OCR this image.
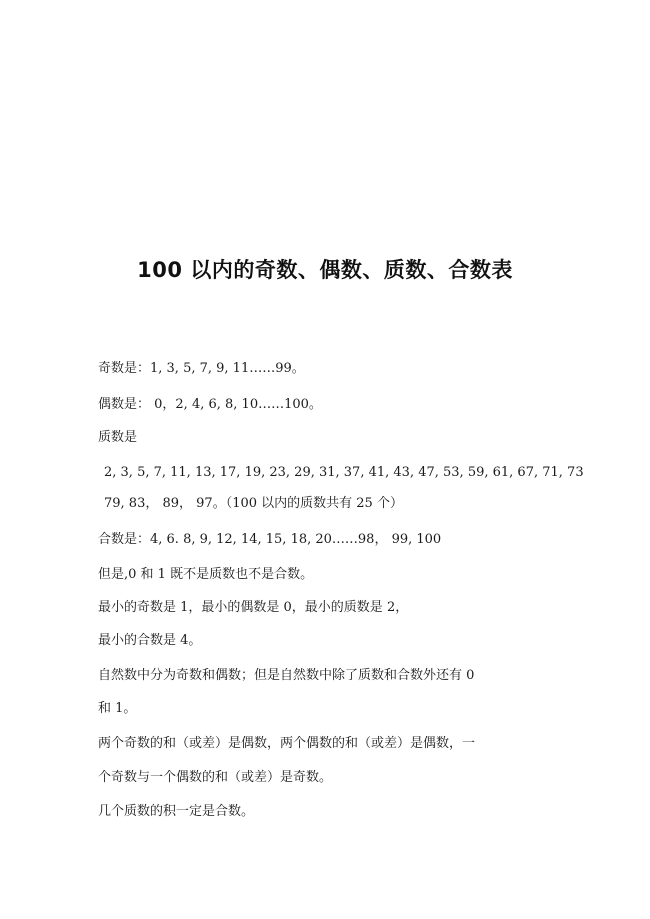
100 以内的奇数、偶数、质数、合数表
奇数是：1, 3, 5, 7, 9, 11……99。
偶数是： 0，2, 4, 6, 8, 10……100。
质数是
2, 3, 5, 7, 11, 13, 17, 19, 23, 29, 31, 37, 41, 43, 47, 53, 59, 61, 67, 71, 73
79, 83， 89， 97。（100 以内的质数共有 25 个）
合数是：4, 6. 8, 9, 12, 14, 15, 18, 20……98， 99, 100
但是,0 和 1 既不是质数也不是合数。
最小的奇数是 1，最小的偶数是 0，最小的质数是 2，
最小的合数是 4。
自然数中分为奇数和偶数；但是自然数中除了质数和合数外还有 0
和 1。
两个奇数的和（或差）是偶数，两个偶数的和（或差）是偶数，一
个奇数与一个偶数的和（或差）是奇数。
几个质数的积一定是合数。
